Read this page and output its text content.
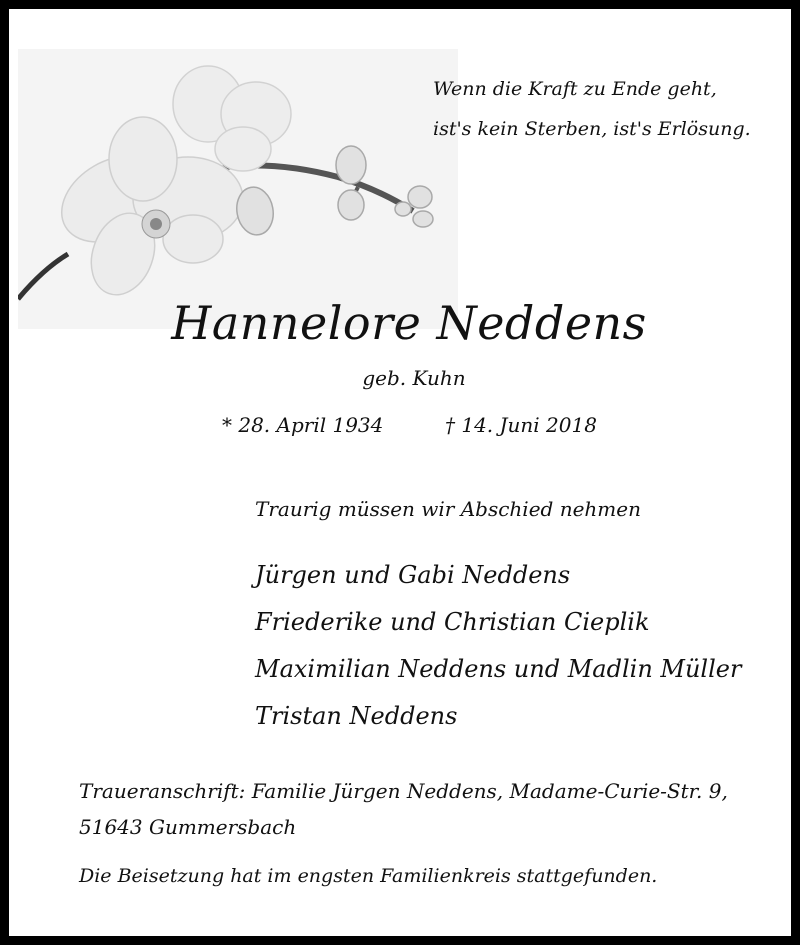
Wenn die Kraft zu Ende geht,
ist's kein Sterben, ist's Erlösung.
Hannelore Neddens
geb. Kuhn
* 28. April 1934	† 14. Juni 2018
Traurig müssen wir Abschied nehmen
Jürgen und Gabi Neddens
Friederike und Christian Cieplik
Maximilian Neddens und Madlin Müller
Tristan Neddens
Traueranschrift: Familie Jürgen Neddens, Madame-Curie-Str. 9,
51643 Gummersbach
Die Beisetzung hat im engsten Familienkreis stattgefunden.
